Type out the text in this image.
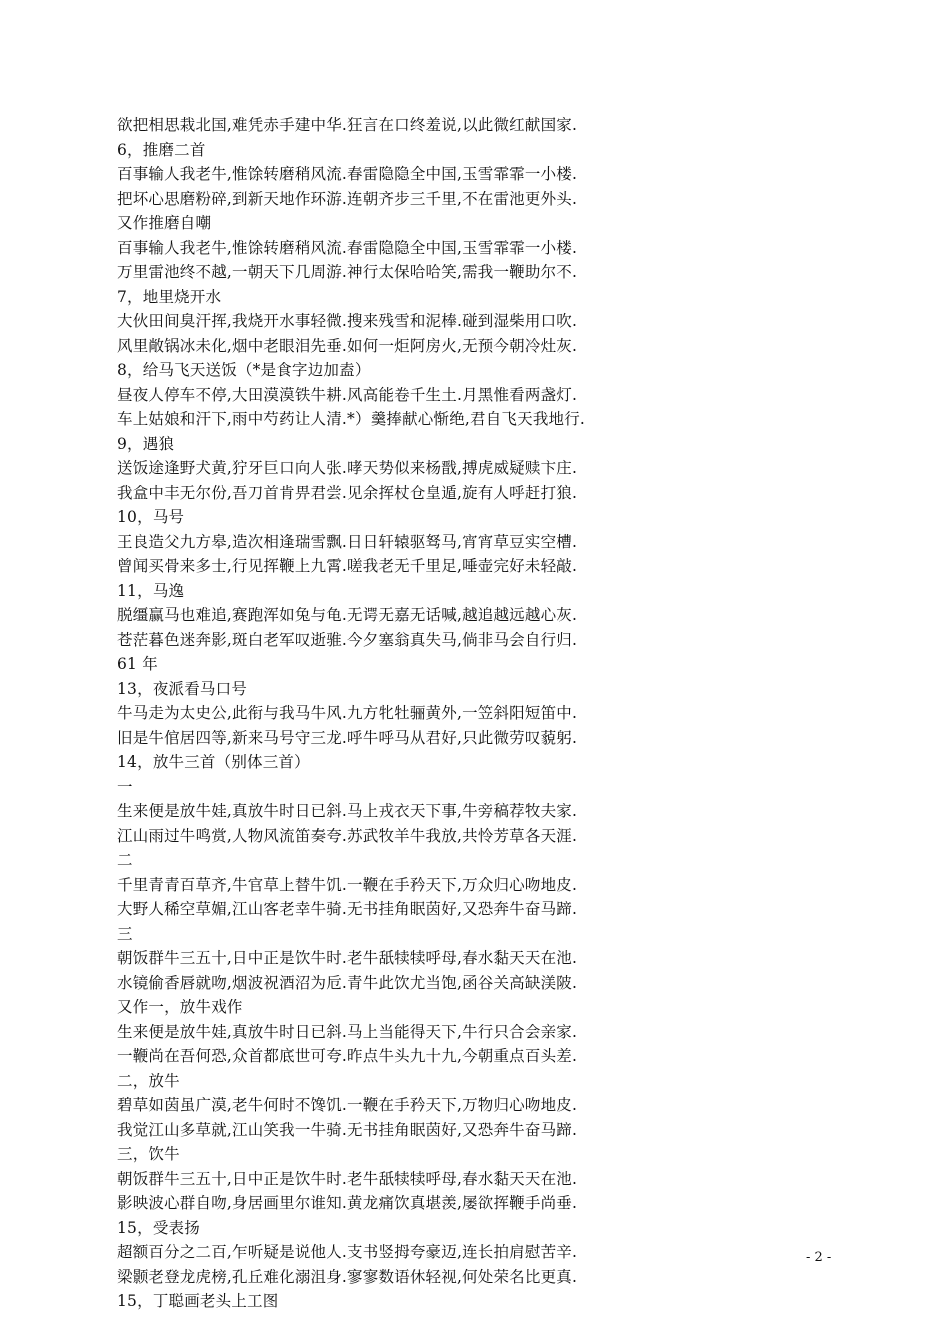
欲把相思栽北国,难凭赤手建中华.狂言在口终羞说,以此微红献国家.
6，推磨二首
百事输人我老牛,惟馀转磨稍风流.春雷隐隐全中国,玉雪霏霏一小楼.
把坏心思磨粉碎,到新天地作环游.连朝齐步三千里,不在雷池更外头.
又作推磨自嘲
百事输人我老牛,惟馀转磨稍风流.春雷隐隐全中国,玉雪霏霏一小楼.
万里雷池终不越,一朝天下几周游.神行太保哈哈笑,需我一鞭助尔不.
7，地里烧开水
大伙田间臭汗挥,我烧开水事轻微.搜来残雪和泥棒.碰到湿柴用口吹.
风里敞锅冰未化,烟中老眼泪先垂.如何一炬阿房火,无预今朝冷灶灰.
8，给马飞天送饭（*是食字边加盍）
昼夜人停车不停,大田漠漠铁牛耕.风高能卷千生土.月黑惟看两盏灯.
车上姑娘和汗下,雨中芍药让人清.*）羹捧献心惭绝,君自飞天我地行.
9，遇狼
送饭途逢野犬黄,狞牙巨口向人张.哮天势似来杨戬,搏虎威疑赎卞庄.
我盒中丰无尔份,吾刀首肯畀君尝.见余挥杖仓皇遁,旋有人呼赶打狼.
10，马号
王良造父九方皋,造次相逢瑞雪飘.日日轩辕驱驽马,宵宵草豆实空槽.
曾闻买骨来多士,行见挥鞭上九霄.嗟我老无千里足,唾壶完好未轻敲.
11，马逸
脱缰赢马也难追,赛跑浑如兔与龟.无谔无嘉无话喊,越追越远越心灰.
苍茫暮色迷奔影,斑白老军叹逝骓.今夕塞翁真失马,倘非马会自行归.
61 年
13，夜派看马口号
牛马走为太史公,此衔与我马牛风.九方牝牡骊黄外,一笠斜阳短笛中.
旧是牛倌居四等,新来马号守三龙.呼牛呼马从君好,只此微劳叹藐躬.
14，放牛三首（别体三首）
一
生来便是放牛娃,真放牛时日已斜.马上戎衣天下事,牛旁稿荐牧夫家.
江山雨过牛鸣赏,人物风流笛奏夸.苏武牧羊牛我放,共怜芳草各天涯.
二
千里青青百草齐,牛官草上替牛饥.一鞭在手矜天下,万众归心吻地皮.
大野人稀空草媚,江山客老幸牛骑.无书挂角眠茵好,又恐奔牛奋马蹄.
三
朝饭群牛三五十,日中正是饮牛时.老牛舐犊犊呼母,春水黏天天在池.
水镜偷香唇就吻,烟波祝酒沼为卮.青牛此饮尤当饱,函谷关高缺渼陂.
又作一，放牛戏作
生来便是放牛娃,真放牛时日已斜.马上当能得天下,牛行只合会亲家.
一鞭尚在吾何恐,众首都底世可夸.昨点牛头九十九,今朝重点百头差.
二，放牛
碧草如茵虽广漠,老牛何时不馋饥.一鞭在手矜天下,万物归心吻地皮.
我觉江山多草就,江山笑我一牛骑.无书挂角眠茵好,又恐奔牛奋马蹄.
三，饮牛
朝饭群牛三五十,日中正是饮牛时.老牛舐犊犊呼母,春水黏天天在池.
影映波心群自吻,身居画里尔谁知.黄龙痛饮真堪羡,屡欲挥鞭手尚垂.
15，受表扬
超额百分之二百,乍听疑是说他人.支书竖拇夸豪迈,连长拍肩慰苦辛.
梁颢老登龙虎榜,孔丘难化溺沮身.寥寥数语休轻视,何处荣名比更真.
15，丁聪画老头上工图
- 2 -
